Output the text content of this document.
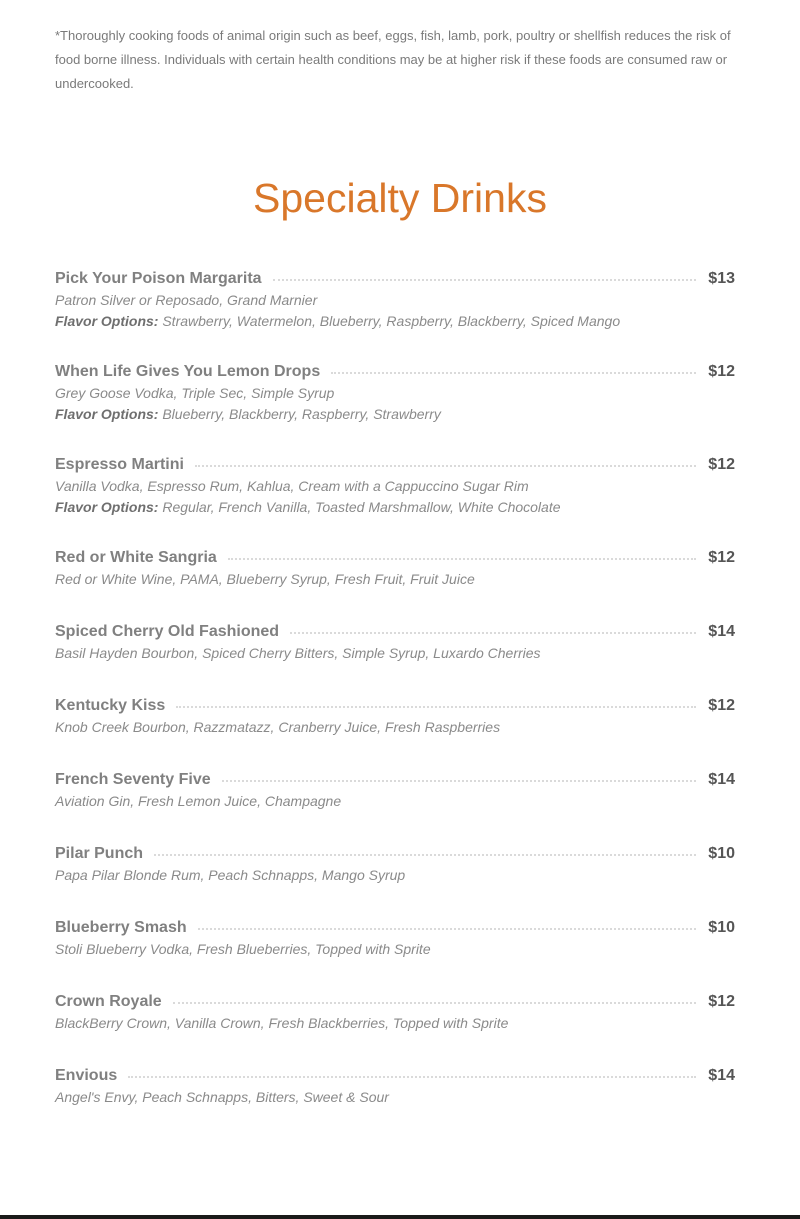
*Thoroughly cooking foods of animal origin such as beef, eggs, fish, lamb, pork, poultry or shellfish reduces the risk of food borne illness. Individuals with certain health conditions may be at higher risk if these foods are consumed raw or undercooked.

Specialty Drinks
Pick Your Poison Margarita	$13
Patron Silver or Reposado, Grand Marnier
Flavor Options: Strawberry, Watermelon, Blueberry, Raspberry, Blackberry, Spiced Mango
When Life Gives You Lemon Drops	$12
Grey Goose Vodka, Triple Sec, Simple Syrup
Flavor Options: Blueberry, Blackberry, Raspberry, Strawberry
Espresso Martini	$12
Vanilla Vodka, Espresso Rum, Kahlua, Cream with a Cappuccino Sugar Rim
Flavor Options: Regular, French Vanilla, Toasted Marshmallow, White Chocolate
Red or White Sangria	$12
Red or White Wine, PAMA, Blueberry Syrup, Fresh Fruit, Fruit Juice
Spiced Cherry Old Fashioned	$14
Basil Hayden Bourbon, Spiced Cherry Bitters, Simple Syrup, Luxardo Cherries
Kentucky Kiss	$12
Knob Creek Bourbon, Razzmatazz, Cranberry Juice, Fresh Raspberries
French Seventy Five	$14
Aviation Gin, Fresh Lemon Juice, Champagne
Pilar Punch	$10
Papa Pilar Blonde Rum, Peach Schnapps, Mango Syrup
Blueberry Smash	$10
Stoli Blueberry Vodka, Fresh Blueberries, Topped with Sprite
Crown Royale	$12
BlackBerry Crown, Vanilla Crown, Fresh Blackberries, Topped with Sprite
Envious	$14
Angel's Envy, Peach Schnapps, Bitters, Sweet & Sour
